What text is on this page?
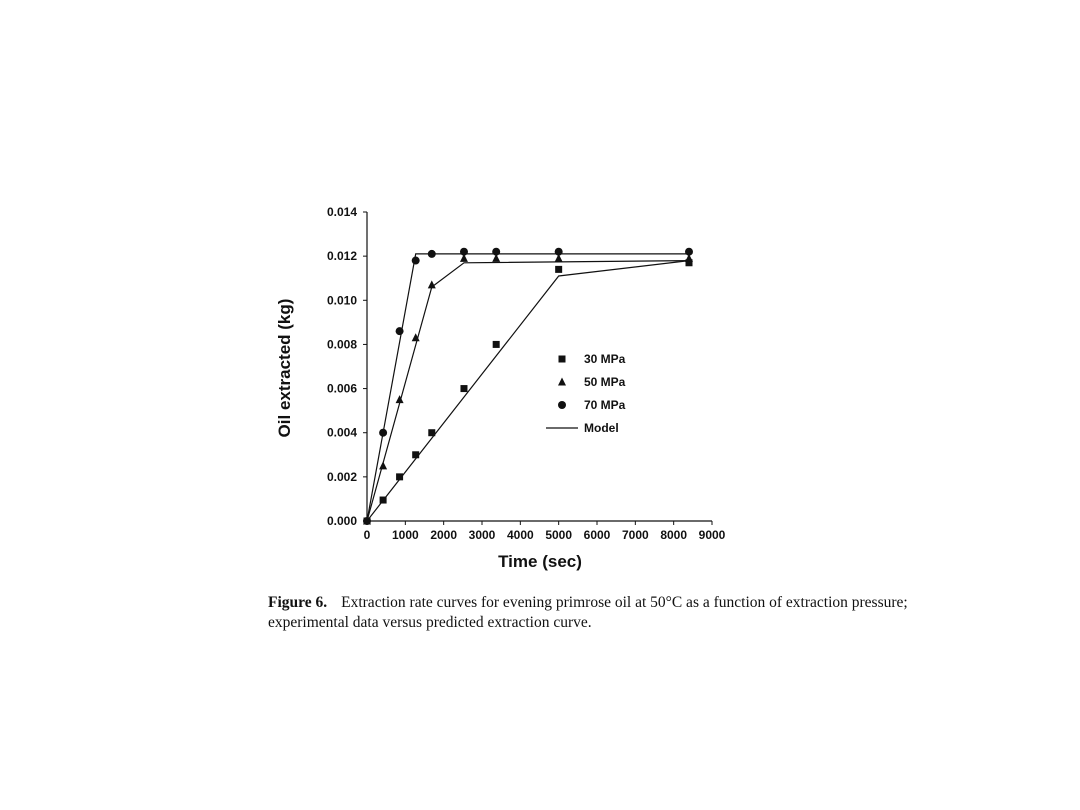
0 1000 2000 3000 4000 5000 6000 7000 8000 9000
0.000
0.002
0.004
0.006
0.008
0.010
0.012
0.014
30 MPa
50 MPa
70 MPa
Model
Oil extracted (kg)
Time (sec)
Figure 6. Extraction rate curves for evening primrose oil at 50°C as a function of extraction pressure; experimental data versus predicted extraction curve.
